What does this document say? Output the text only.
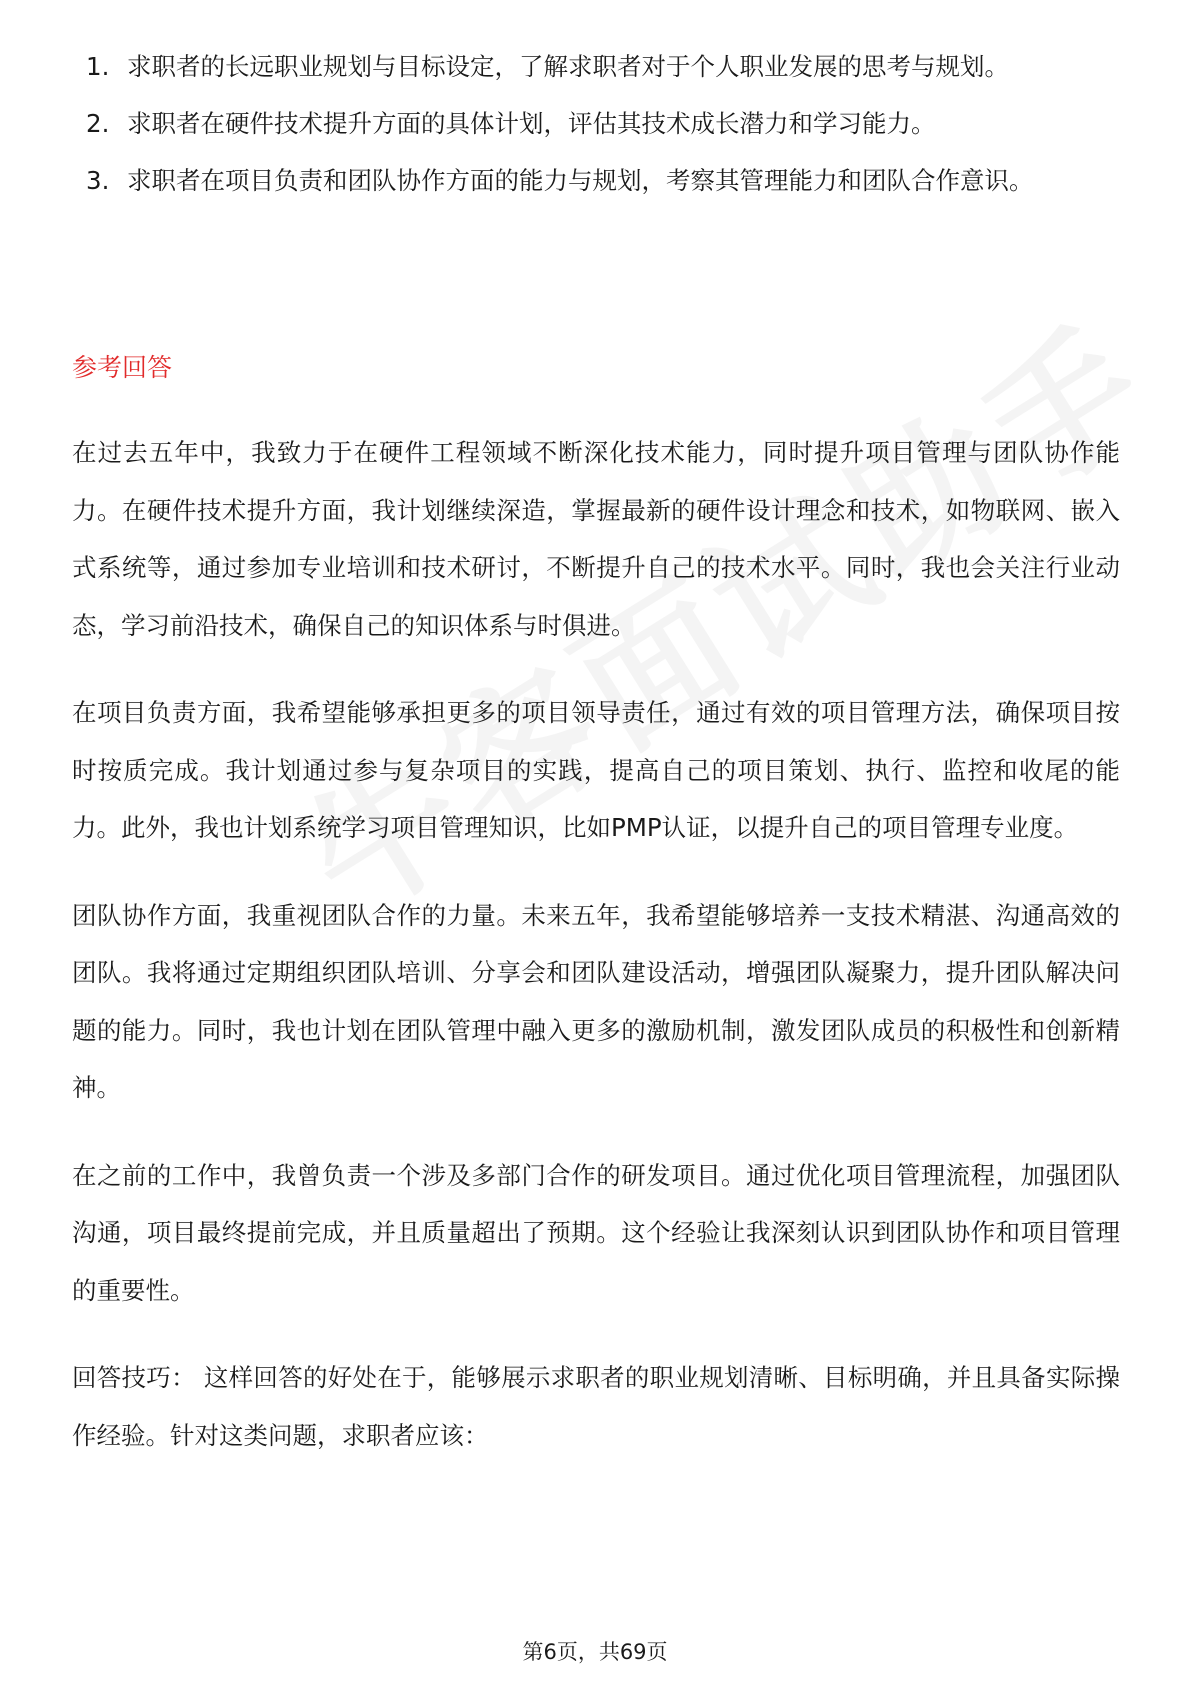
1. 求职者的长远职业规划与目标设定，了解求职者对于个人职业发展的思考与规划。
2. 求职者在硬件技术提升方面的具体计划，评估其技术成长潜力和学习能力。
3. 求职者在项目负责和团队协作方面的能力与规划，考察其管理能力和团队合作意识。
参考回答

在过去五年中，我致力于在硬件工程领域不断深化技术能力，同时提升项目管理与团队协作能力。在硬件技术提升方面，我计划继续深造，掌握最新的硬件设计理念和技术，如物联网、嵌入式系统等，通过参加专业培训和技术研讨，不断提升自己的技术水平。同时，我也会关注行业动态，学习前沿技术，确保自己的知识体系与时俱进。

在项目负责方面，我希望能够承担更多的项目领导责任，通过有效的项目管理方法，确保项目按时按质完成。我计划通过参与复杂项目的实践，提高自己的项目策划、执行、监控和收尾的能力。此外，我也计划系统学习项目管理知识，比如PMP认证，以提升自己的项目管理专业度。

团队协作方面，我重视团队合作的力量。未来五年，我希望能够培养一支技术精湛、沟通高效的团队。我将通过定期组织团队培训、分享会和团队建设活动，增强团队凝聚力，提升团队解决问题的能力。同时，我也计划在团队管理中融入更多的激励机制，激发团队成员的积极性和创新精神。

在之前的工作中，我曾负责一个涉及多部门合作的研发项目。通过优化项目管理流程，加强团队沟通，项目最终提前完成，并且质量超出了预期。这个经验让我深刻认识到团队协作和项目管理的重要性。

回答技巧： 这样回答的好处在于，能够展示求职者的职业规划清晰、目标明确，并且具备实际操作经验。针对这类问题，求职者应该：

第6页，共69页
